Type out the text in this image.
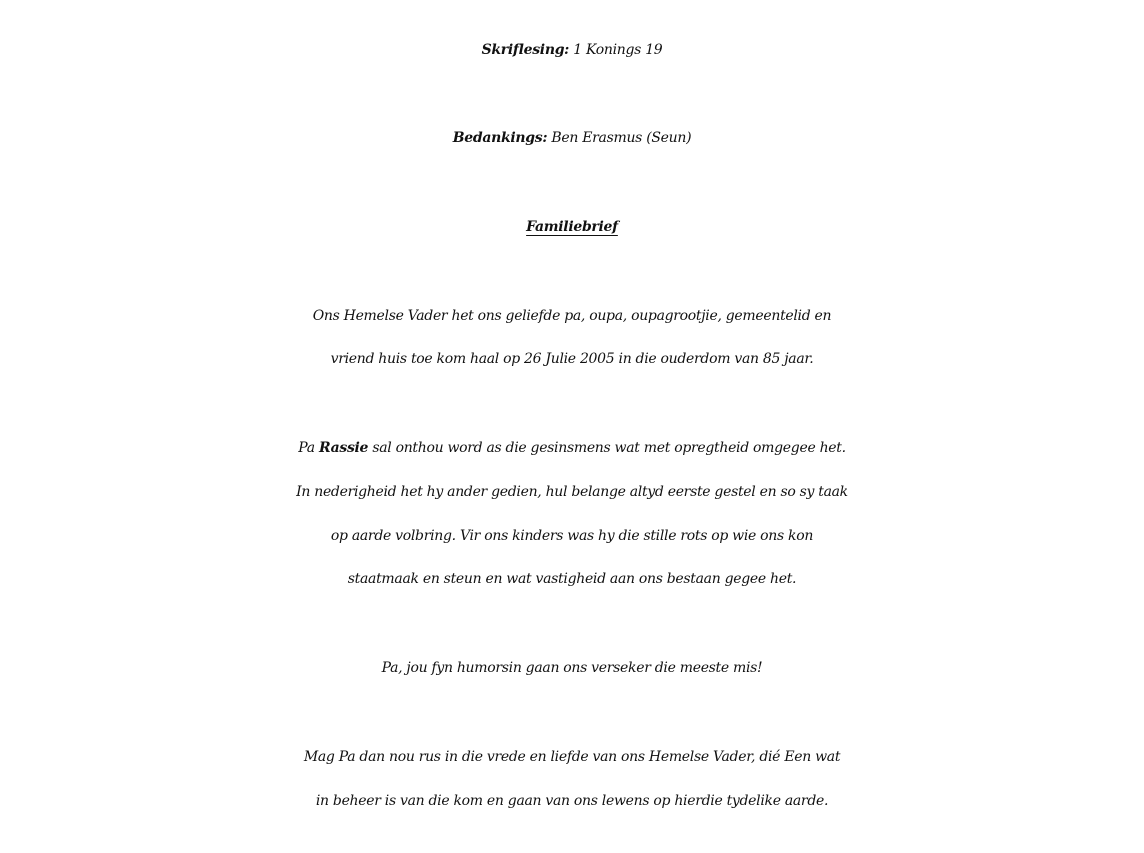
Skriflesing: 1 Konings 19
Bedankings: Ben Erasmus (Seun)
Familiebrief
Ons Hemelse Vader het ons geliefde pa, oupa, oupagrootjie, gemeentelid en
vriend huis toe kom haal op 26 Julie 2005 in die ouderdom van 85 jaar.
Pa Rassie sal onthou word as die gesinsmens wat met opregtheid omgegee het.
In nederigheid het hy ander gedien, hul belange altyd eerste gestel en so sy taak
op aarde volbring. Vir ons kinders was hy die stille rots op wie ons kon
staatmaak en steun en wat vastigheid aan ons bestaan gegee het.
Pa, jou fyn humorsin gaan ons verseker die meeste mis!
Mag Pa dan nou rus in die vrede en liefde van ons Hemelse Vader, dié Een wat
in beheer is van die kom en gaan van ons lewens op hierdie tydelike aarde.
